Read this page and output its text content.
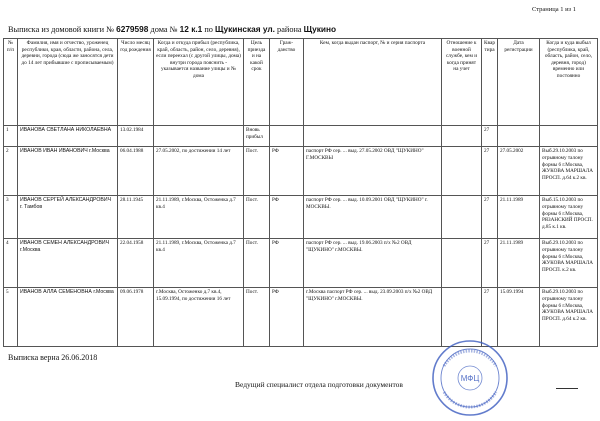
Страница 1 из 1
Выписка из домовой книги № 6279598 дома № 12 к.1 по Щукинская ул. района Щукино
№ п/п	Фамилия, имя и отчество, уроженец республики, края, области, района, села, деревни, города (сюда же заносятся дети до 14 лет прибывшие с прописываемым)	Число месяц год рождения	Когда и откуда прибыл (республика, край, область, район, село, деревня), если переехал (с другой улицы, дома) внутри города пояснить - указывается название улицы и № дома	Цель приезда и на какой срок	Граж-данство	Кем, когда выдан паспорт, № и серия паспорта	Отношение к военной службе, кем и когда принят на учет	Квар тира	Дата регистрации	Когда и куда выбыл (республика, край, область, район, село, деревня, город) временно или постоянно
1	ИВАНОВА СВЕТЛАНА НИКОЛАЕВНА	13.02.1984		Вновь прибыл				27		
2	ИВАНОВ ИВАН ИВАНОВИЧ г.Москва	06.04.1988	27.05.2002, по достижении 14 лет	Пост.	РФ	паспорт РФ сер. ... выд. 27.05.2002 ОВД "ЩУКИНО" Г.МОСКВЫ		27	27.05.2002	Выб.29.10.2003 по отрывному талону формы 6 г.Москва, ЖУКОВА МАРШАЛА ПРОСП. д.64 к.2 кв.
3	ИВАНОВ СЕРГЕЙ АЛЕКСАНДРОВИЧ г. Тамбов	28.11.1945	21.11.1989, г.Москва, Остоженка д.7 кв.4	Пост.	РФ	паспорт РФ сер. ... выд. 10.09.2001 ОВД "ЩУКИНО" г. МОСКВЫ.		27	21.11.1989	Выб.15.10.2003 по отрывному талону формы 6 г.Москва, РЯЗАНСКИЙ ПРОСП. д.85 к.1 кв.
4	ИВАНОВ СЕМЕН АЛЕКСАНДРОВИЧ г.Москва	22.04.1958	21.11.1989, г.Москва, Остоженка д.7 кв.4	Пост.	РФ	паспорт РФ сер. ... выд. 19.06.2003 п/х №2 ОВД "ЩУКИНО" г.МОСКВЫ.		27	21.11.1989	Выб.29.10.2003 по отрывному талону формы 6 г.Москва, ЖУКОВА МАРШАЛА ПРОСП. к.2 кв.
5	ИВАНОВ АЛЛА СЕМЕНОВНА г.Москва	09.06.1978	г.Москва, Остоженко д.7 кв.4, 15.09.1994, по достижении 16 лет	Пост.	РФ	г.Москва паспорт РФ сер. ... выд. 23.09.2003 п/х №2 ОВД "ЩУКИНО" г.МОСКВЫ.		27	15.09.1994	Выб.29.10.2003 по отрывному талону формы 6 г.Москва, ЖУКОВА МАРШАЛА ПРОСП. д.64 к.2 кв.
Выписка верна 26.06.2018
Ведущий специалист отдела подготовки документов
МФЦ
